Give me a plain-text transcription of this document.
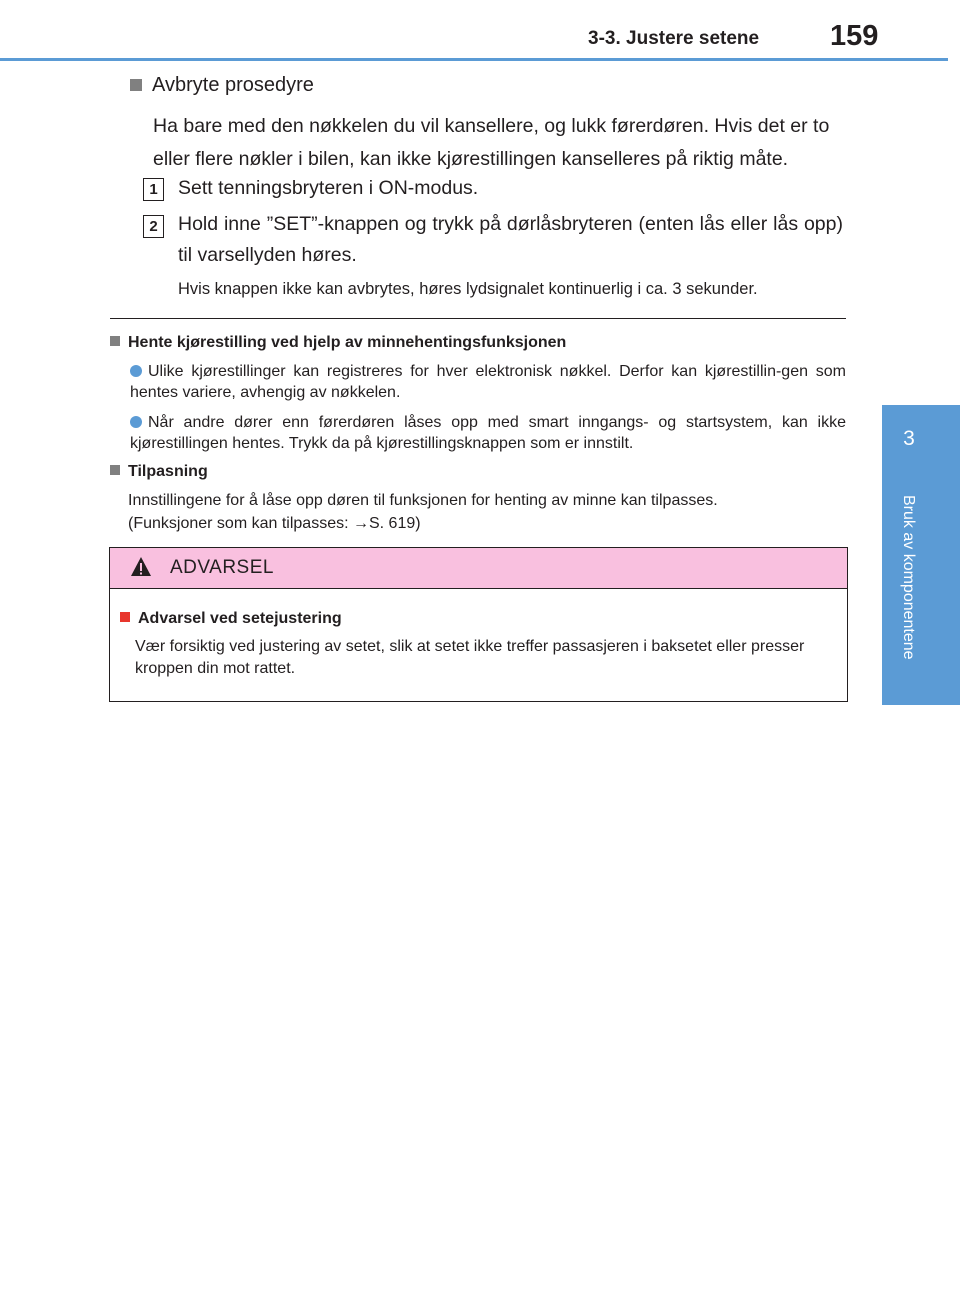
3-3. Justere setene 159
3
Bruk av komponentene
Avbryte prosedyre
Ha bare med den nøkkelen du vil kansellere, og lukk førerdøren. Hvis det er to eller flere nøkler i bilen, kan ikke kjørestillingen kanselleres på riktig måte.
1	Sett tenningsbryteren i ON-modus.
2	Hold inne ”SET”-knappen og trykk på dørlåsbryteren (enten lås eller lås opp) til varsellyden høres.
Hvis knappen ikke kan avbrytes, høres lydsignalet kontinuerlig i ca. 3 sekunder.
Hente kjørestilling ved hjelp av minnehentingsfunksjonen
Ulike kjørestillinger kan registreres for hver elektronisk nøkkel. Derfor kan kjørestillin-gen som hentes variere, avhengig av nøkkelen.
Når andre dører enn førerdøren låses opp med smart inngangs- og startsystem, kan ikke kjørestillingen hentes. Trykk da på kjørestillingsknappen som er innstilt.
Tilpasning
Innstillingene for å låse opp døren til funksjonen for henting av minne kan tilpasses.
(Funksjoner som kan tilpasses: →S. 619)
ADVARSEL
Advarsel ved setejustering
Vær forsiktig ved justering av setet, slik at setet ikke treffer passasjeren i baksetet eller presser kroppen din mot rattet.
